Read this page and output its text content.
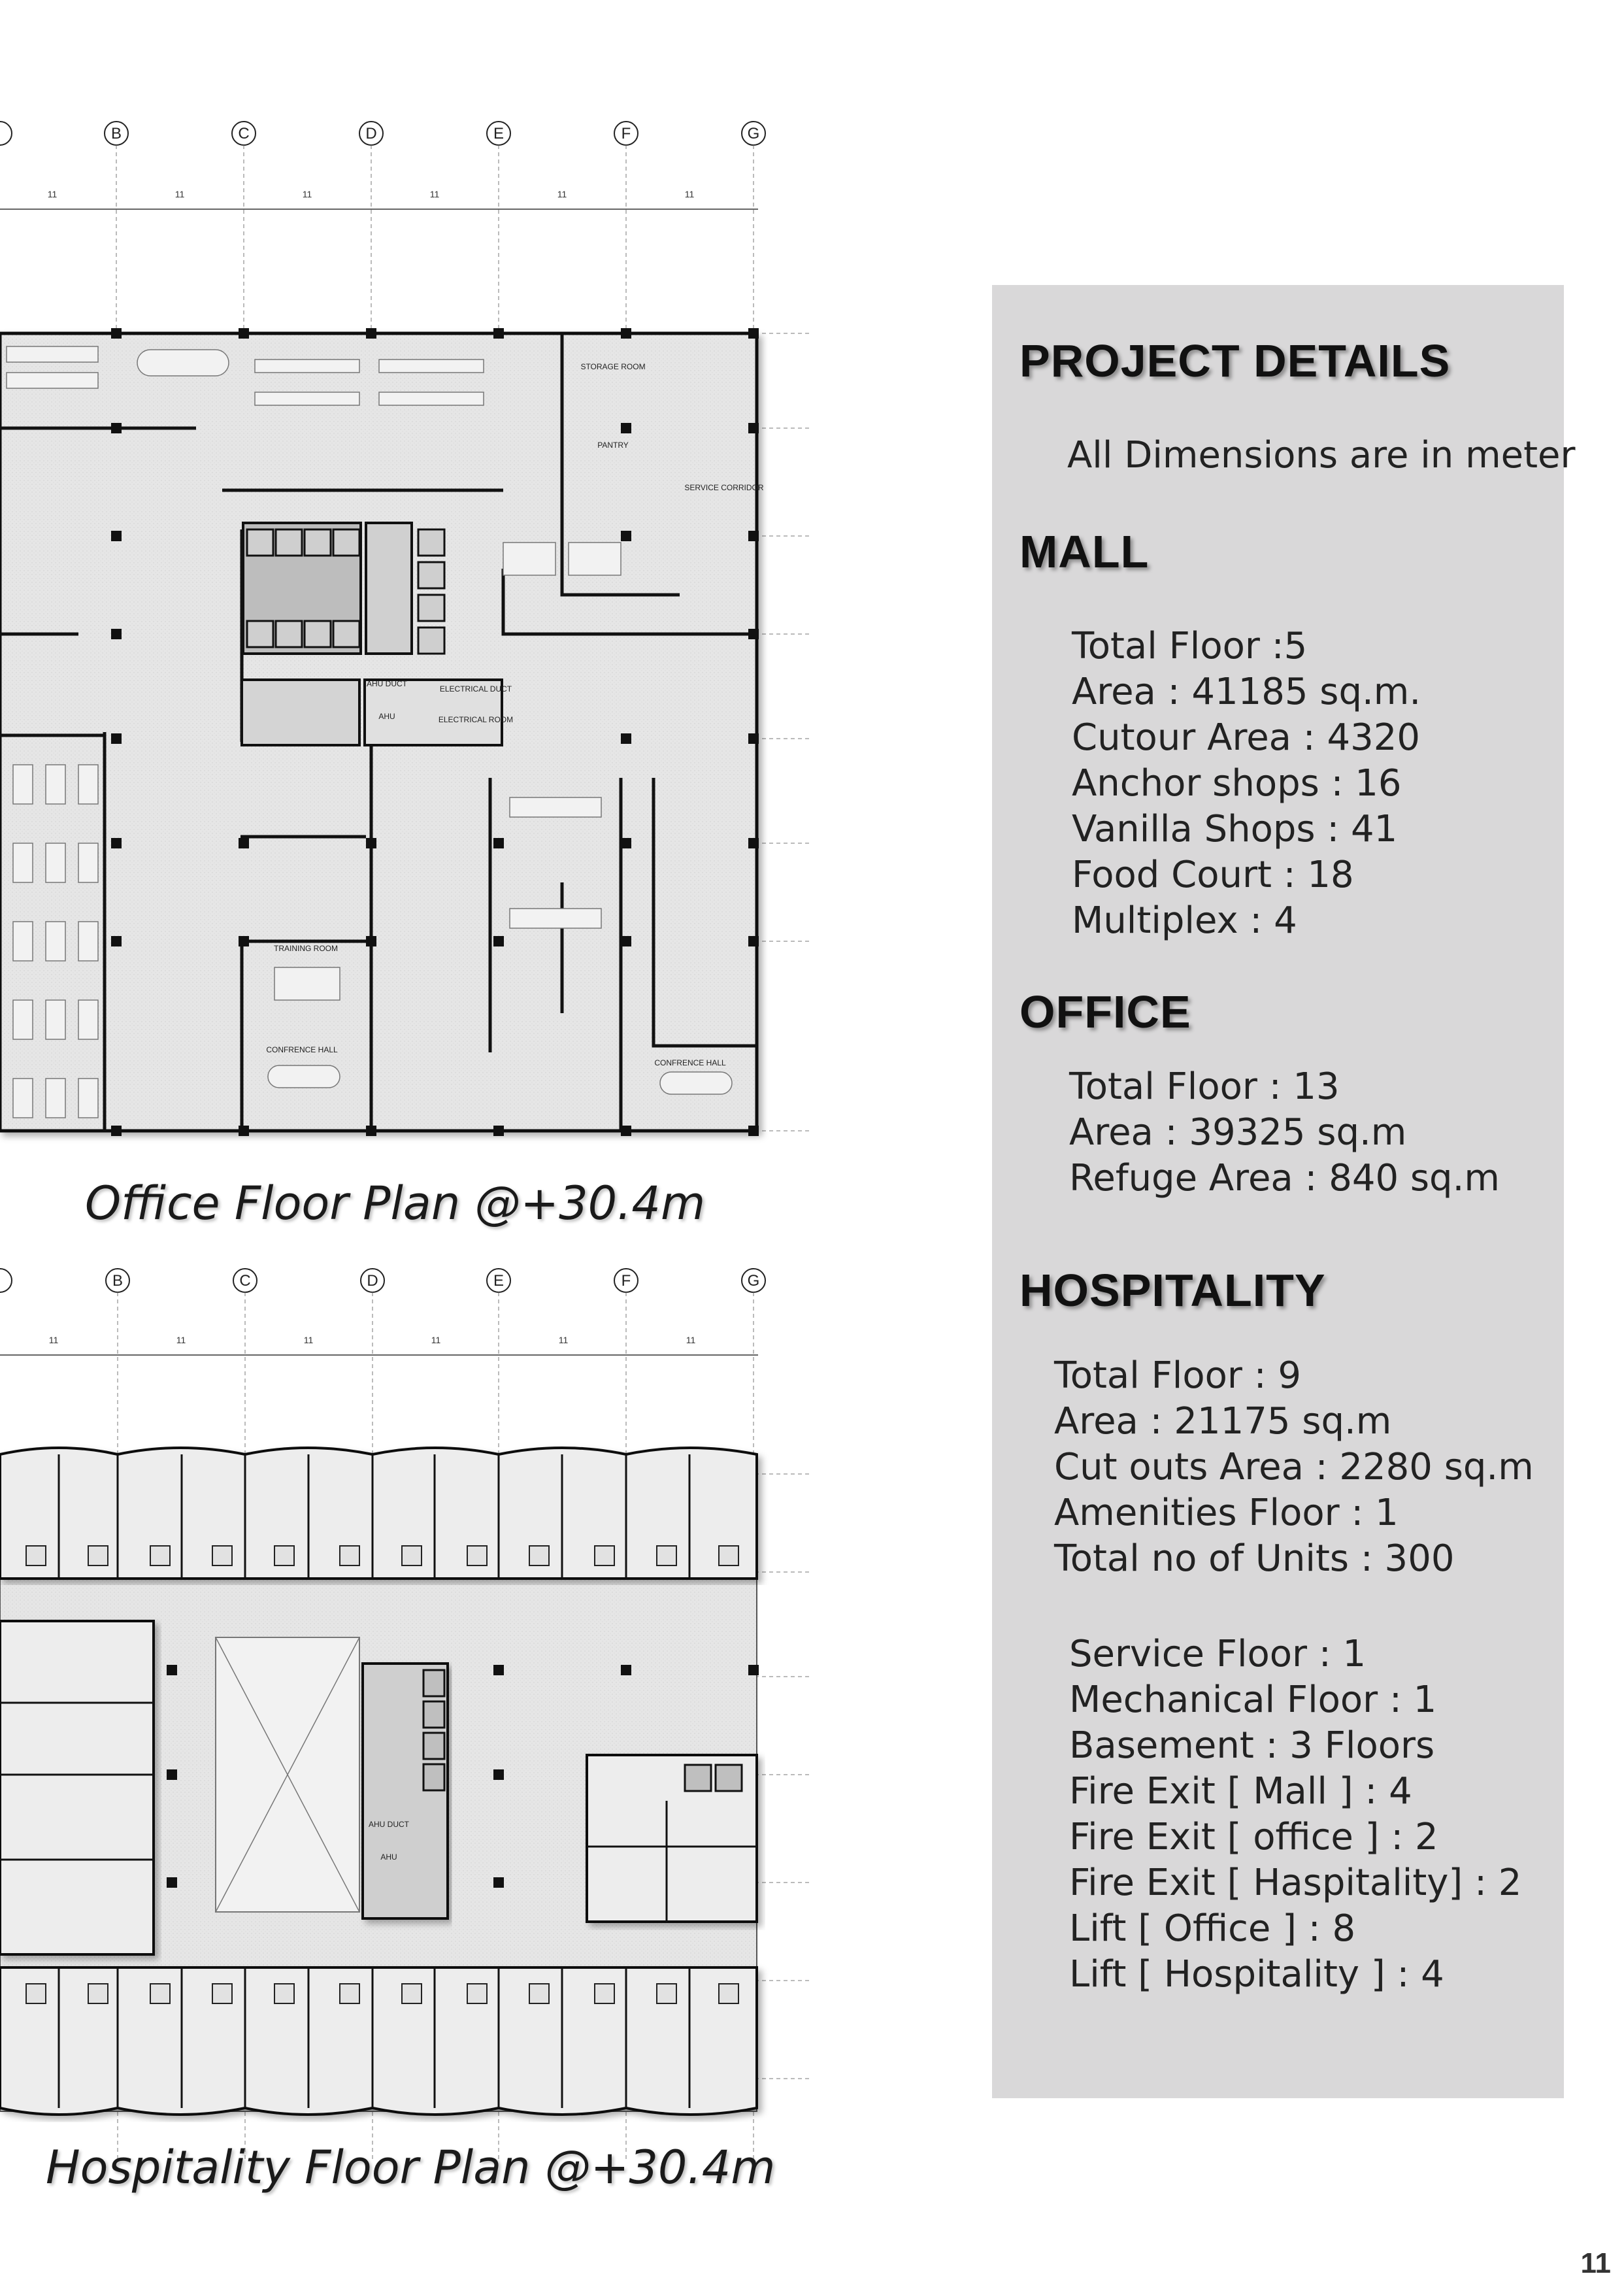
B	C	D	E	F	G
11	11	11	11	11	11
STORAGE ROOM
PANTRY
SERVICE CORRIDOR
AHU DUCT
AHU
ELECTRICAL DUCT
ELECTRICAL ROOM
TRAINING ROOM
CONFRENCE HALL
CONFRENCE HALL
Office Floor Plan @+30.4m
B	C	D	E	F	G
11	11	11	11	11	11
AHU DUCT
AHU
Hospitality Floor Plan @+30.4m
PROJECT DETAILS
All Dimensions are in meter
MALL
Total Floor :5
Area : 41185 sq.m.
Cutour Area : 4320
Anchor shops : 16
Vanilla Shops : 41
Food Court : 18
Multiplex : 4
OFFICE
Total Floor : 13
Area : 39325 sq.m
Refuge Area : 840 sq.m
HOSPITALITY
Total Floor : 9
Area : 21175 sq.m
Cut outs Area : 2280 sq.m
Amenities Floor : 1
Total no of Units : 300
Service Floor : 1
Mechanical Floor : 1
Basement : 3 Floors
Fire Exit [ Mall ] : 4
Fire Exit [ office ] : 2
Fire Exit [ Haspitality] : 2
Lift [ Office ] : 8
Lift [ Hospitality ] : 4
11
